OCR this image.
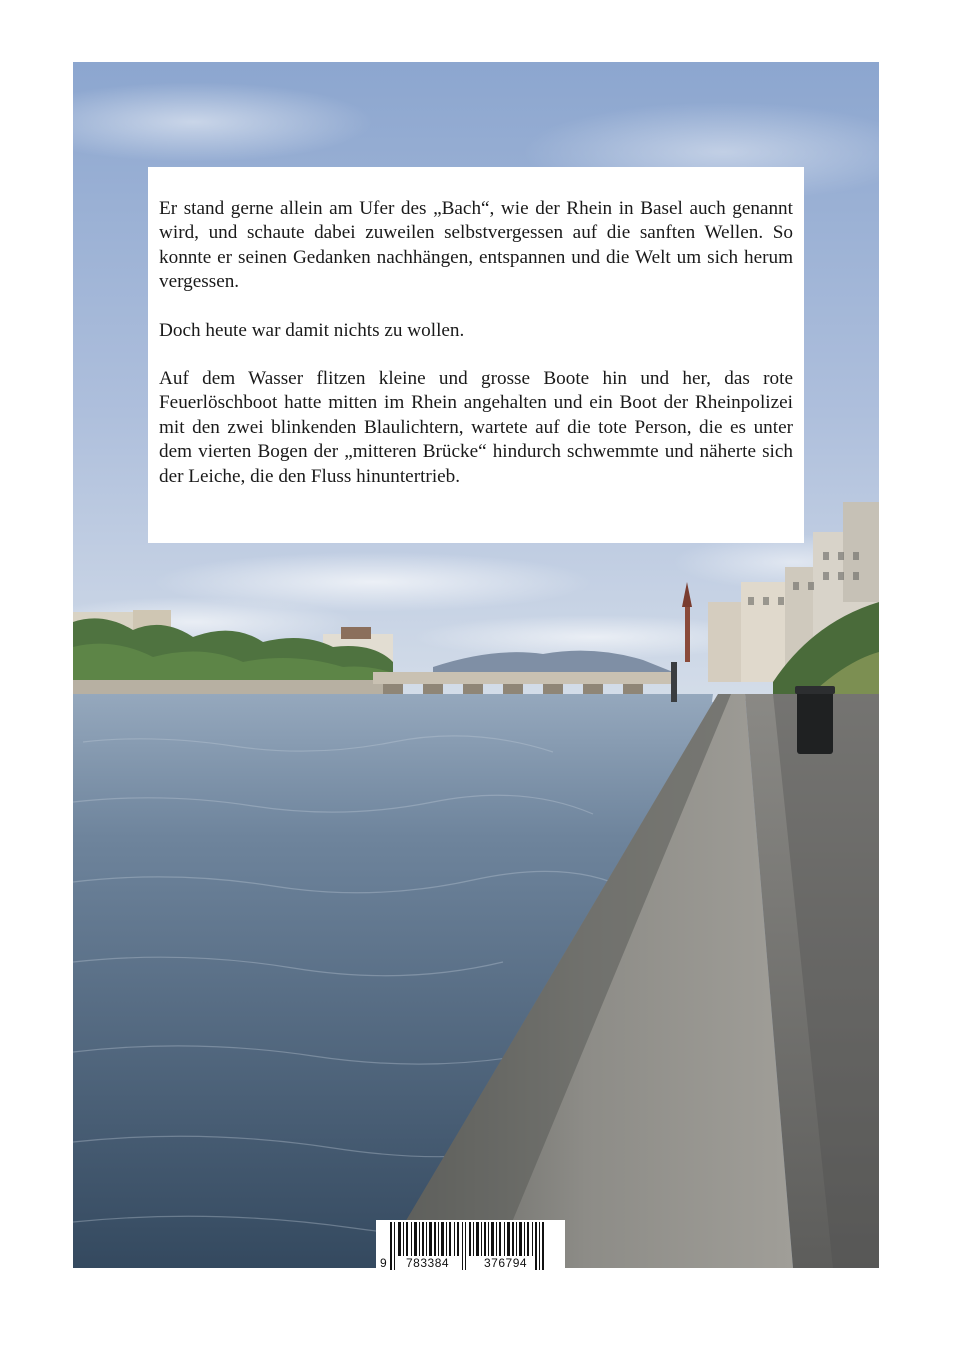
Er stand gerne allein am Ufer des „Bach“, wie der Rhein in Basel auch genannt wird, und schaute dabei zuweilen selbstvergessen auf die sanften Wellen. So konnte er seinen Gedanken nachhängen, entspannen und die Welt um sich herum vergessen.

Doch heute war damit nichts zu wollen.

Auf dem Wasser flitzen kleine und grosse Boote hin und her, das rote Feuerlöschboot hatte mitten im Rhein angehalten und ein Boot der Rheinpolizei mit den zwei blinkenden Blaulichtern, wartete auf die tote Person, die es unter dem vierten Bogen der „mitteren Brücke“ hindurch schwemmte und näherte sich der Leiche, die den Fluss hinuntertrieb.

9 783384	376794
